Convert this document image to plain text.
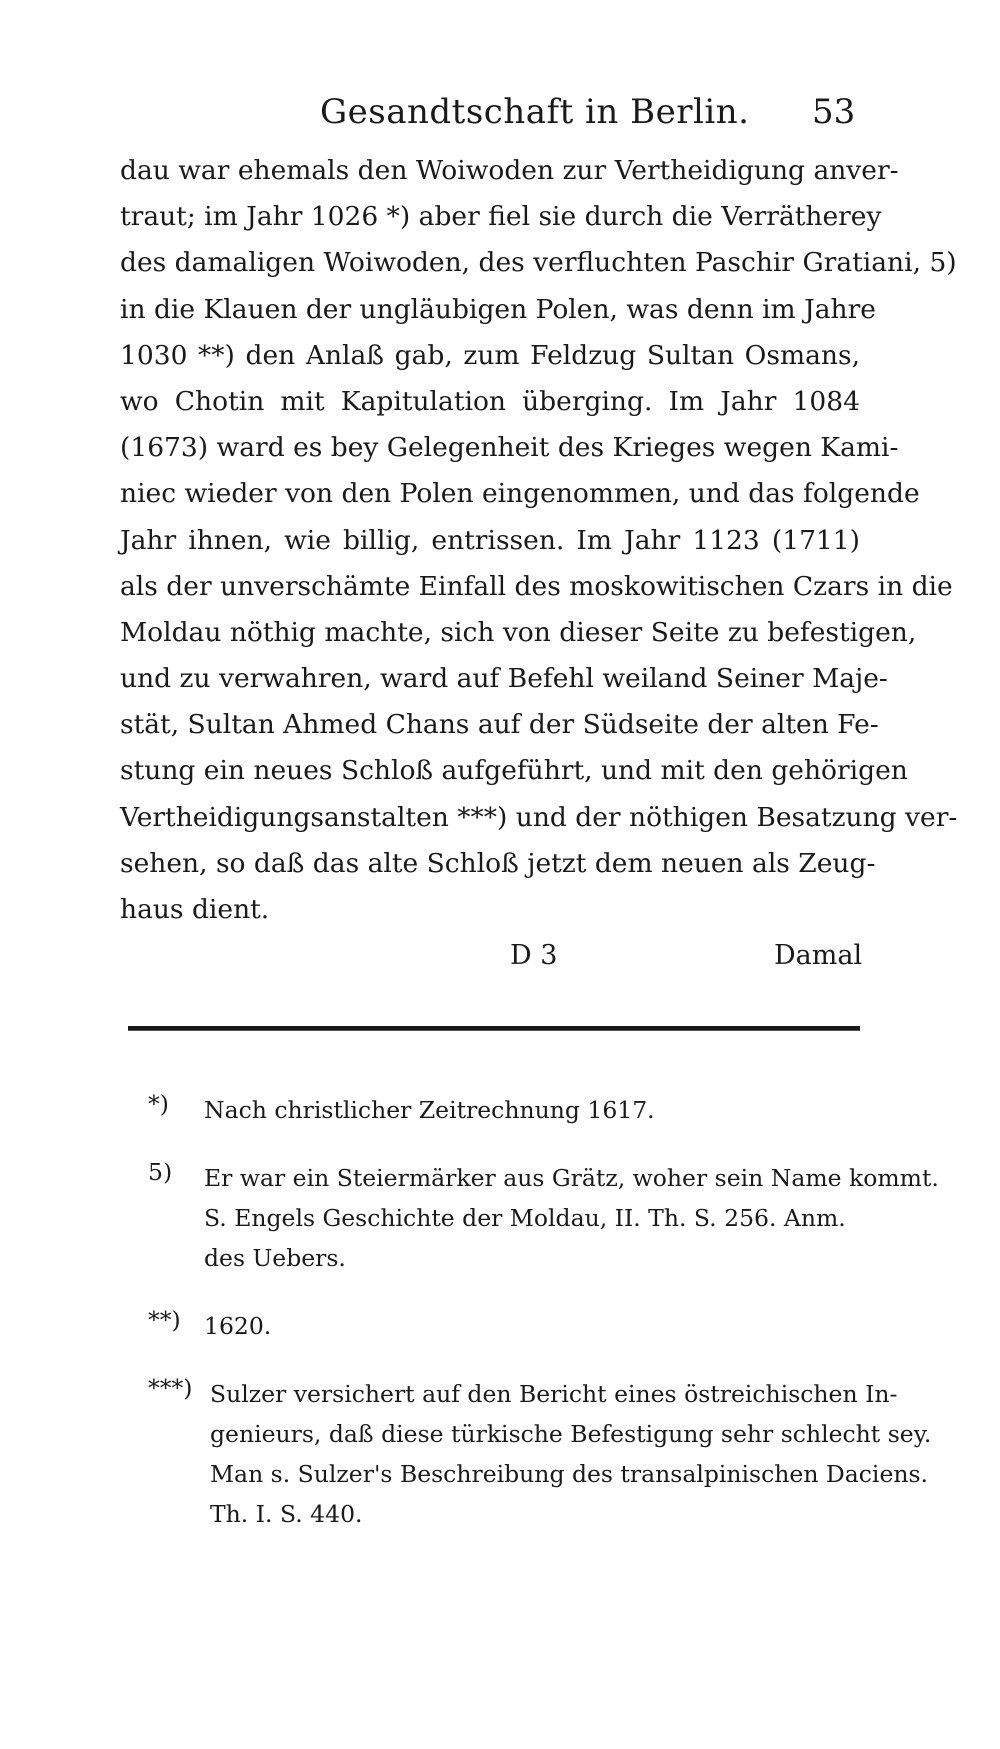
Gesandtschaft in Berlin. 53
dau war ehemals den Woiwoden zur Vertheidigung anver-
traut; im Jahr 1026 *) aber fiel sie durch die Verrätherey
des damaligen Woiwoden, des verfluchten Paschir Gratiani, 5)
in die Klauen der ungläubigen Polen, was denn im Jahre
1030 **) den Anlaß gab, zum Feldzug Sultan Osmans,
wo Chotin mit Kapitulation überging. Im Jahr 1084
(1673) ward es bey Gelegenheit des Krieges wegen Kami-
niec wieder von den Polen eingenommen, und das folgende
Jahr ihnen, wie billig, entrissen. Im Jahr 1123 (1711)
als der unverschämte Einfall des moskowitischen Czars in die
Moldau nöthig machte, sich von dieser Seite zu befestigen,
und zu verwahren, ward auf Befehl weiland Seiner Maje-
stät, Sultan Ahmed Chans auf der Südseite der alten Fe-
stung ein neues Schloß aufgeführt, und mit den gehörigen
Vertheidigungsanstalten ***) und der nöthigen Besatzung ver-
sehen, so daß das alte Schloß jetzt dem neuen als Zeug-
haus dient.
D 3	Damal
*)	Nach christlicher Zeitrechnung 1617.
5)	Er war ein Steiermärker aus Grätz, woher sein Name kommt.
S. Engels Geschichte der Moldau, II. Th. S. 256. Anm.
des Uebers.
**) 1620.
***) Sulzer versichert auf den Bericht eines östreichischen In-
genieurs, daß diese türkische Befestigung sehr schlecht sey.
Man s. Sulzer's Beschreibung des transalpinischen Daciens.
Th. I. S. 440.
